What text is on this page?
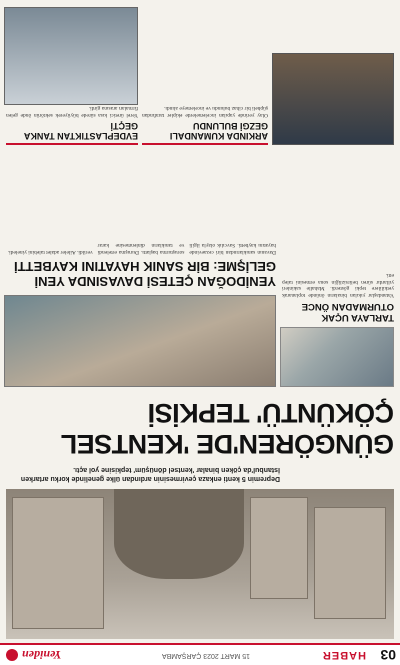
03
HABER
15 MART 2023 ÇARŞAMBA
Yeniden
Depremin 5 kenti enkaza çevirmesinin ardından ülke genelinde korku artarken İstanbul'da çöken binalar 'kentsel dönüşüm' tepkisine yol açtı.
GÜNGÖREN'DE 'KENTSEL ÇÖKÜNTÜ' TEPKİSİ
TARLAYA UÇAK OTURMADAN ÖNCE
Vatandaşlar yıkılan binaların önünde toplanarak yetkililere tepki gösterdi. Mahalle sakinleri yıllardır süren belirsizliğin sona ermesini talep etti.
YENİDOĞAN ÇETESİ DAVASINDA YENİ GELİŞME: BİR SANIK HAYATINI KAYBETTİ
Davanın sanıklarından biri cezaevinde hayatını kaybetti. Savcılık olayla ilgili soruşturma başlattı. Duruşma ertelendi ve tanıkların dinlenmesine karar verildi. Aileler adalet talebini yineledi.
ARKINDA KUMANDALI GEZGİ BULUNDU
Olay yerinde yapılan incelemelerde ekipler tarafından şüpheli bir cihaz bulundu ve incelemeye alındı.
EVDEPLASTIKTAN TANKA GEÇTİ
Yerel üretici kısa sürede büyüyerek sektörün önde gelen firmaları arasına girdi.
